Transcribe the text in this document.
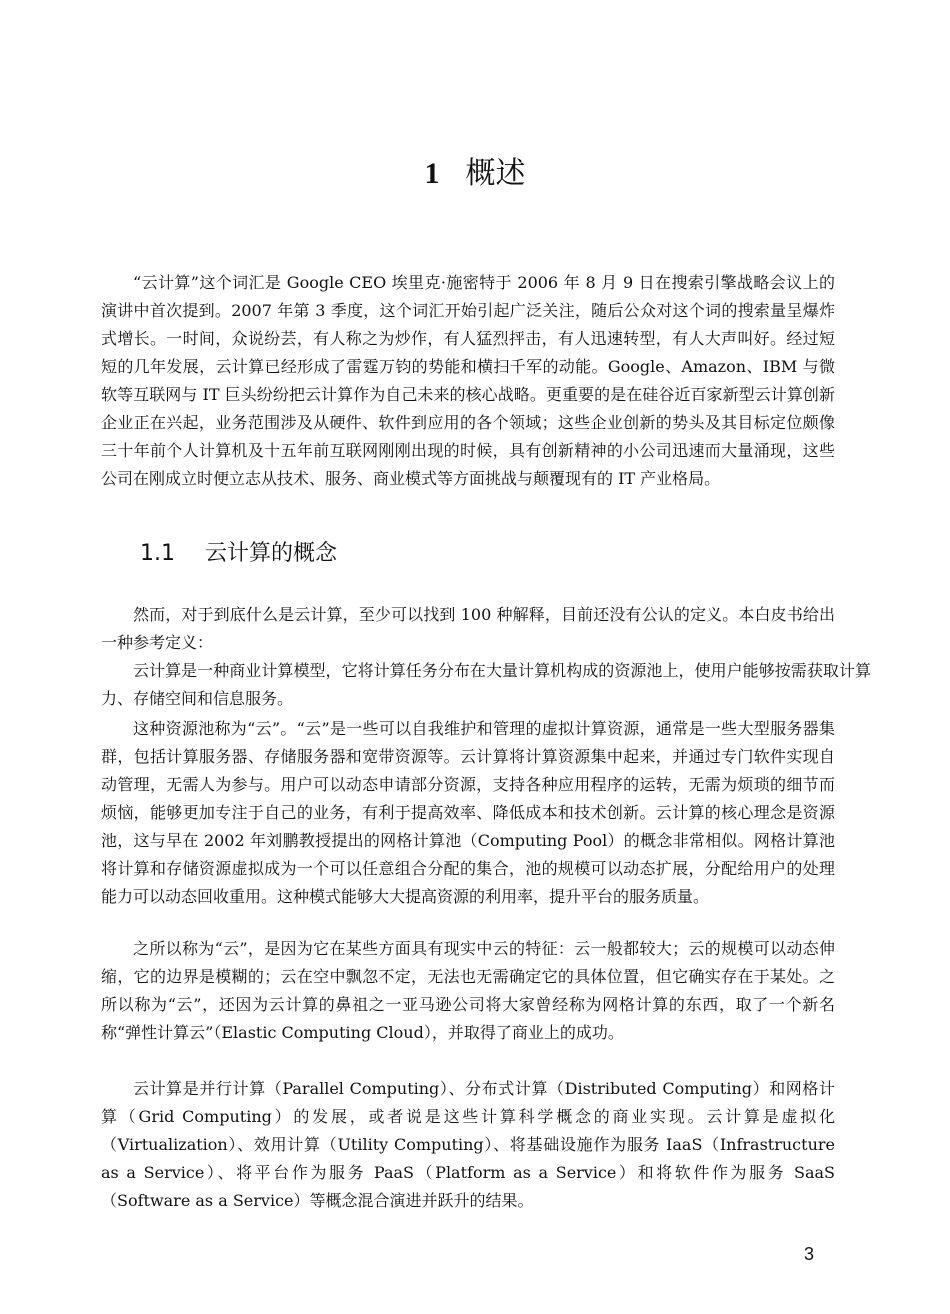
1 概述

“云计算”这个词汇是 Google CEO 埃里克·施密特于 2006 年 8 月 9 日在搜索引擎战略会议上的演讲中首次提到。2007 年第 3 季度，这个词汇开始引起广泛关注，随后公众对这个词的搜索量呈爆炸式增长。一时间，众说纷芸，有人称之为炒作，有人猛烈抨击，有人迅速转型，有人大声叫好。经过短短的几年发展，云计算已经形成了雷霆万钧的势能和横扫千军的动能。Google、Amazon、IBM 与微软等互联网与 IT 巨头纷纷把云计算作为自己未来的核心战略。更重要的是在硅谷近百家新型云计算创新企业正在兴起，业务范围涉及从硬件、软件到应用的各个领域；这些企业创新的势头及其目标定位颇像三十年前个人计算机及十五年前互联网刚刚出现的时候，具有创新精神的小公司迅速而大量涌现，这些公司在刚成立时便立志从技术、服务、商业模式等方面挑战与颠覆现有的 IT 产业格局。

1.1 云计算的概念

然而，对于到底什么是云计算，至少可以找到 100 种解释，目前还没有公认的定义。本白皮书给出一种参考定义：

云计算是一种商业计算模型，它将计算任务分布在大量计算机构成的资源池上，使用户能够按需获取计算力、存储空间和信息服务。

这种资源池称为“云”。“云”是一些可以自我维护和管理的虚拟计算资源，通常是一些大型服务器集群，包括计算服务器、存储服务器和宽带资源等。云计算将计算资源集中起来，并通过专门软件实现自动管理，无需人为参与。用户可以动态申请部分资源，支持各种应用程序的运转，无需为烦琐的细节而烦恼，能够更加专注于自己的业务，有利于提高效率、降低成本和技术创新。云计算的核心理念是资源池，这与早在 2002 年刘鹏教授提出的网格计算池（Computing Pool）的概念非常相似。网格计算池将计算和存储资源虚拟成为一个可以任意组合分配的集合，池的规模可以动态扩展，分配给用户的处理能力可以动态回收重用。这种模式能够大大提高资源的利用率，提升平台的服务质量。

之所以称为“云”，是因为它在某些方面具有现实中云的特征：云一般都较大；云的规模可以动态伸缩，它的边界是模糊的；云在空中飘忽不定，无法也无需确定它的具体位置，但它确实存在于某处。之所以称为“云”，还因为云计算的鼻祖之一亚马逊公司将大家曾经称为网格计算的东西，取了一个新名称“弹性计算云”（Elastic Computing Cloud），并取得了商业上的成功。

云计算是并行计算（Parallel Computing）、分布式计算（Distributed Computing）和网格计算（Grid Computing）的发展，或者说是这些计算科学概念的商业实现。云计算是虚拟化（Virtualization）、效用计算（Utility Computing）、将基础设施作为服务 IaaS（Infrastructure as a Service）、将平台作为服务 PaaS（Platform as a Service）和将软件作为服务 SaaS（Software as a Service）等概念混合演进并跃升的结果。

3
